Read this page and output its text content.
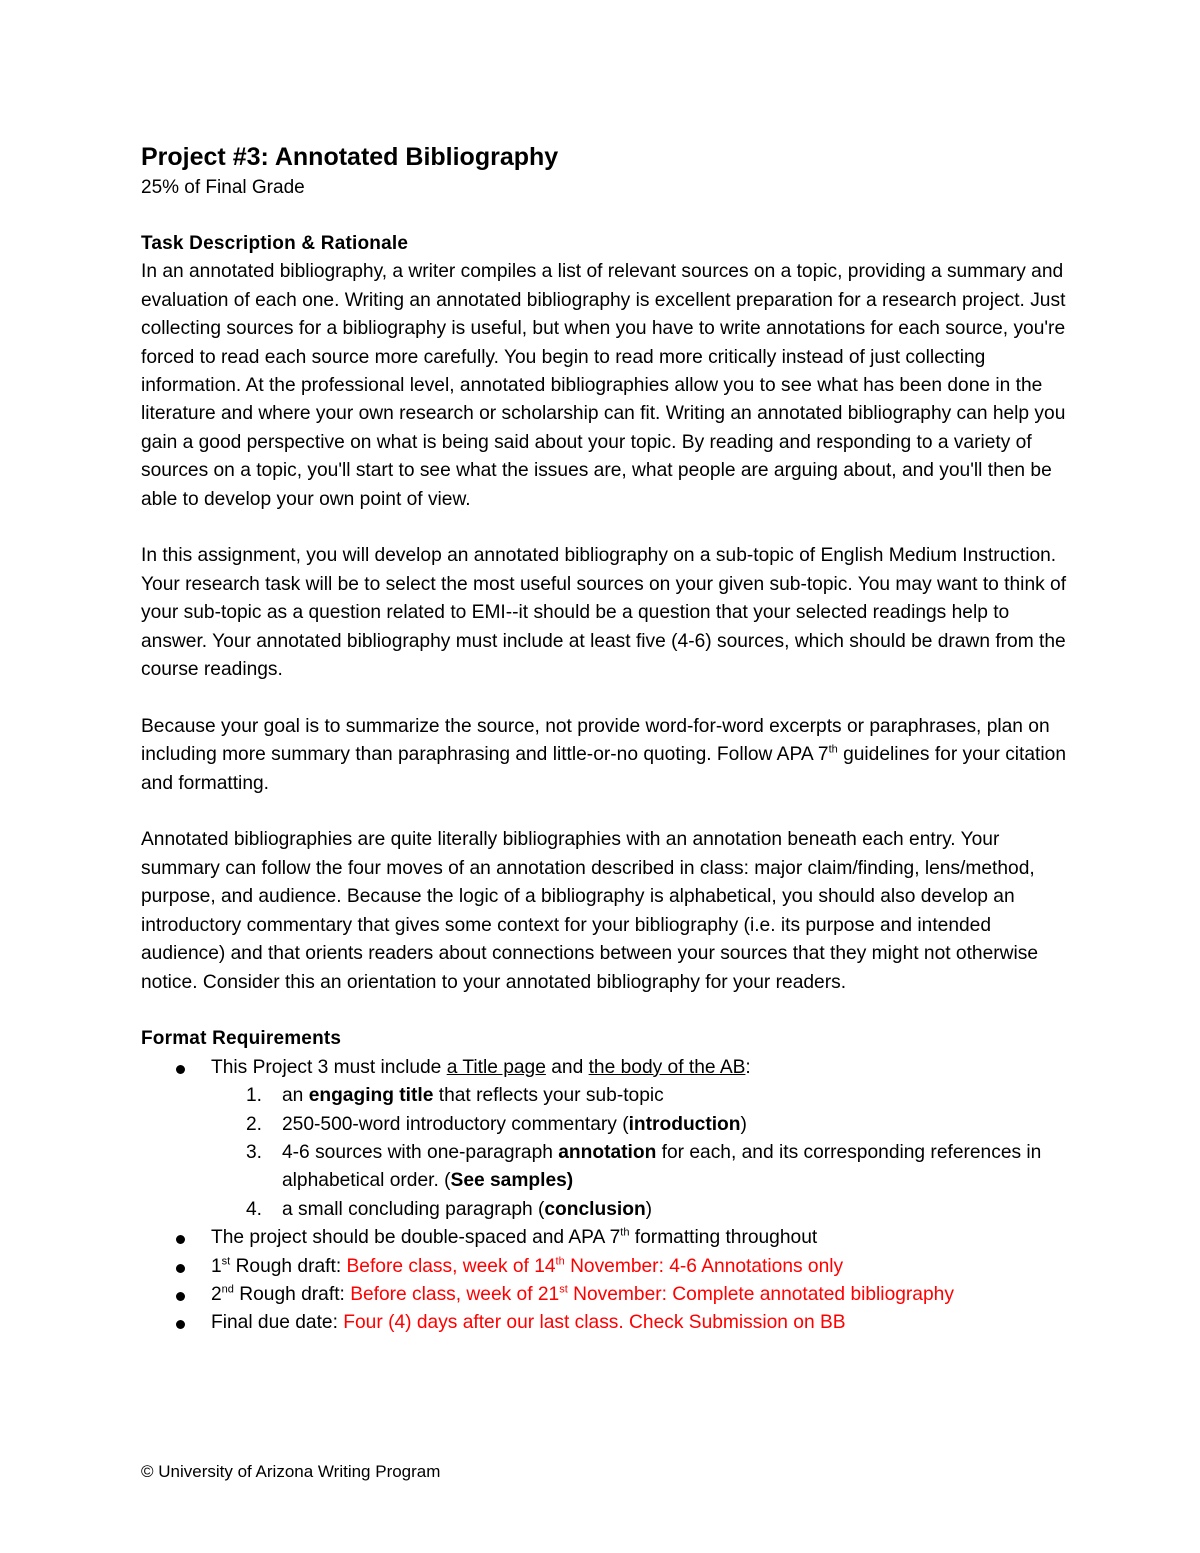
Project #3: Annotated Bibliography
25% of Final Grade
Task Description & Rationale

In an annotated bibliography, a writer compiles a list of relevant sources on a topic, providing a summary and evaluation of each one. Writing an annotated bibliography is excellent preparation for a research project. Just collecting sources for a bibliography is useful, but when you have to write annotations for each source, you're forced to read each source more carefully. You begin to read more critically instead of just collecting information. At the professional level, annotated bibliographies allow you to see what has been done in the literature and where your own research or scholarship can fit. Writing an annotated bibliography can help you gain a good perspective on what is being said about your topic. By reading and responding to a variety of sources on a topic, you'll start to see what the issues are, what people are arguing about, and you'll then be able to develop your own point of view.

In this assignment, you will develop an annotated bibliography on a sub-topic of English Medium Instruction. Your research task will be to select the most useful sources on your given sub-topic. You may want to think of your sub-topic as a question related to EMI--it should be a question that your selected readings help to answer. Your annotated bibliography must include at least five (4-6) sources, which should be drawn from the course readings.

Because your goal is to summarize the source, not provide word-for-word excerpts or paraphrases, plan on including more summary than paraphrasing and little-or-no quoting. Follow APA 7th guidelines for your citation and formatting.

Annotated bibliographies are quite literally bibliographies with an annotation beneath each entry. Your summary can follow the four moves of an annotation described in class: major claim/finding, lens/method, purpose, and audience. Because the logic of a bibliography is alphabetical, you should also develop an introductory commentary that gives some context for your bibliography (i.e. its purpose and intended audience) and that orients readers about connections between your sources that they might not otherwise notice. Consider this an orientation to your annotated bibliography for your readers.

Format Requirements
This Project 3 must include a Title page and the body of the AB:
1. an engaging title that reflects your sub-topic
2. 250-500-word introductory commentary (introduction)
3. 4-6 sources with one-paragraph annotation for each, and its corresponding references in alphabetical order. (See samples)
4. a small concluding paragraph (conclusion)
The project should be double-spaced and APA 7th formatting throughout
1st Rough draft: Before class, week of 14th November: 4-6 Annotations only
2nd Rough draft: Before class, week of 21st November: Complete annotated bibliography
Final due date: Four (4) days after our last class. Check Submission on BB
© University of Arizona Writing Program
